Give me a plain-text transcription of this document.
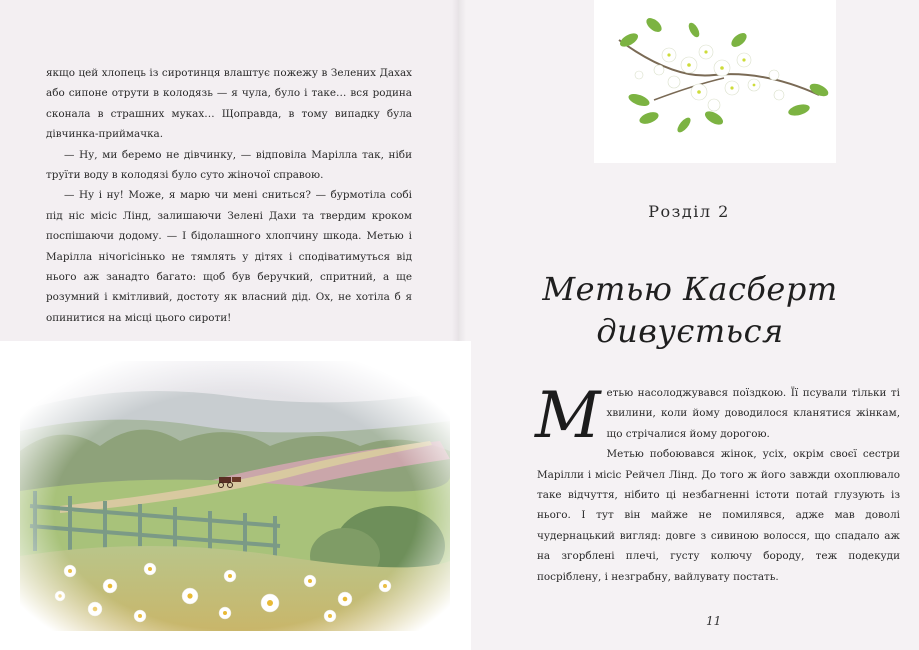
якщо цей хлопець із сиротинця влаштує пожежу в Зелених Дахах або сипоне отрути в колодязь — я чула, було і таке… вся родина сконала в страшних муках… Щоправда, в тому випадку була дівчинка-приймачка.

— Ну, ми беремо не дівчинку, — відповіла Марілла так, ніби труїти воду в колодязі було суто жіночої справою.

— Ну і ну! Може, я марю чи мені сниться? — бурмотіла собі під ніс місіс Лінд, залишаючи Зелені Дахи та твердим кроком поспішаючи додому. — І бідолашного хлопчину шкода. Метью і Марілла нічогісінько не тямлять у дітях і сподіватимуться від нього аж занадто багато: щоб був беручкий, спритний, а ще розумний і кмітливий, достоту як власний дід. Ох, не хотіла б я опинитися на місці цього сироти!

Розділ 2
Метью Касберт
дивується

Метью насолоджувався поїздкою. Її псували тільки ті хвилини, коли йому доводилося кланятися жінкам, що стрічалися йому дорогою.

Метью побоювався жінок, усіх, окрім своєї сестри Марілли і місіс Рейчел Лінд. До того ж його завжди охоплювало таке відчуття, нібито ці незбагненні істоти потай глузують із нього. І тут він майже не помилявся, адже мав доволі чудернацький вигляд: довге з сивиною волосся, що спадало аж на згорблені плечі, густу колючу бороду, теж подекуди посріблену, і незграбну, вайлувату постать.

11
